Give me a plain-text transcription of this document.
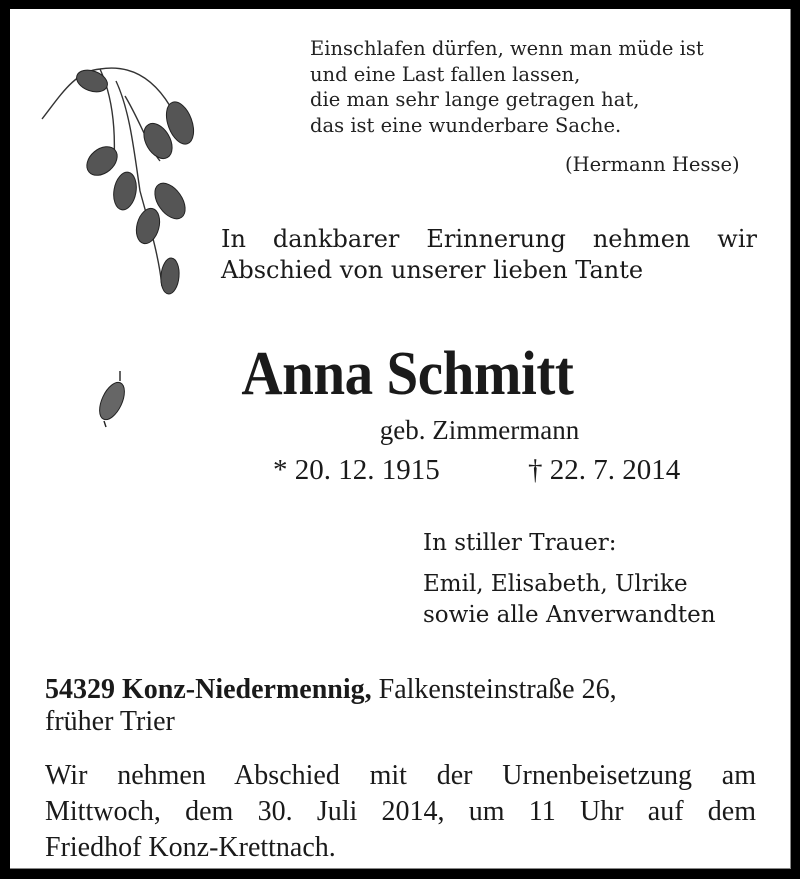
Einschlafen dürfen, wenn man müde ist
und eine Last fallen lassen,
die man sehr lange getragen hat,
das ist eine wunderbare Sache.
(Hermann Hesse)
In dankbarer Erinnerung nehmen wir
Abschied von unserer lieben Tante
Anna Schmitt
geb. Zimmermann
* 20. 12. 1915	† 22. 7. 2014
In stiller Trauer:
Emil, Elisabeth, Ulrike
sowie alle Anverwandten
54329 Konz-Niedermennig, Falkensteinstraße 26,
früher Trier
Wir nehmen Abschied mit der Urnenbeisetzung am
Mittwoch, dem 30. Juli 2014, um 11 Uhr auf dem
Friedhof Konz-Krettnach.
